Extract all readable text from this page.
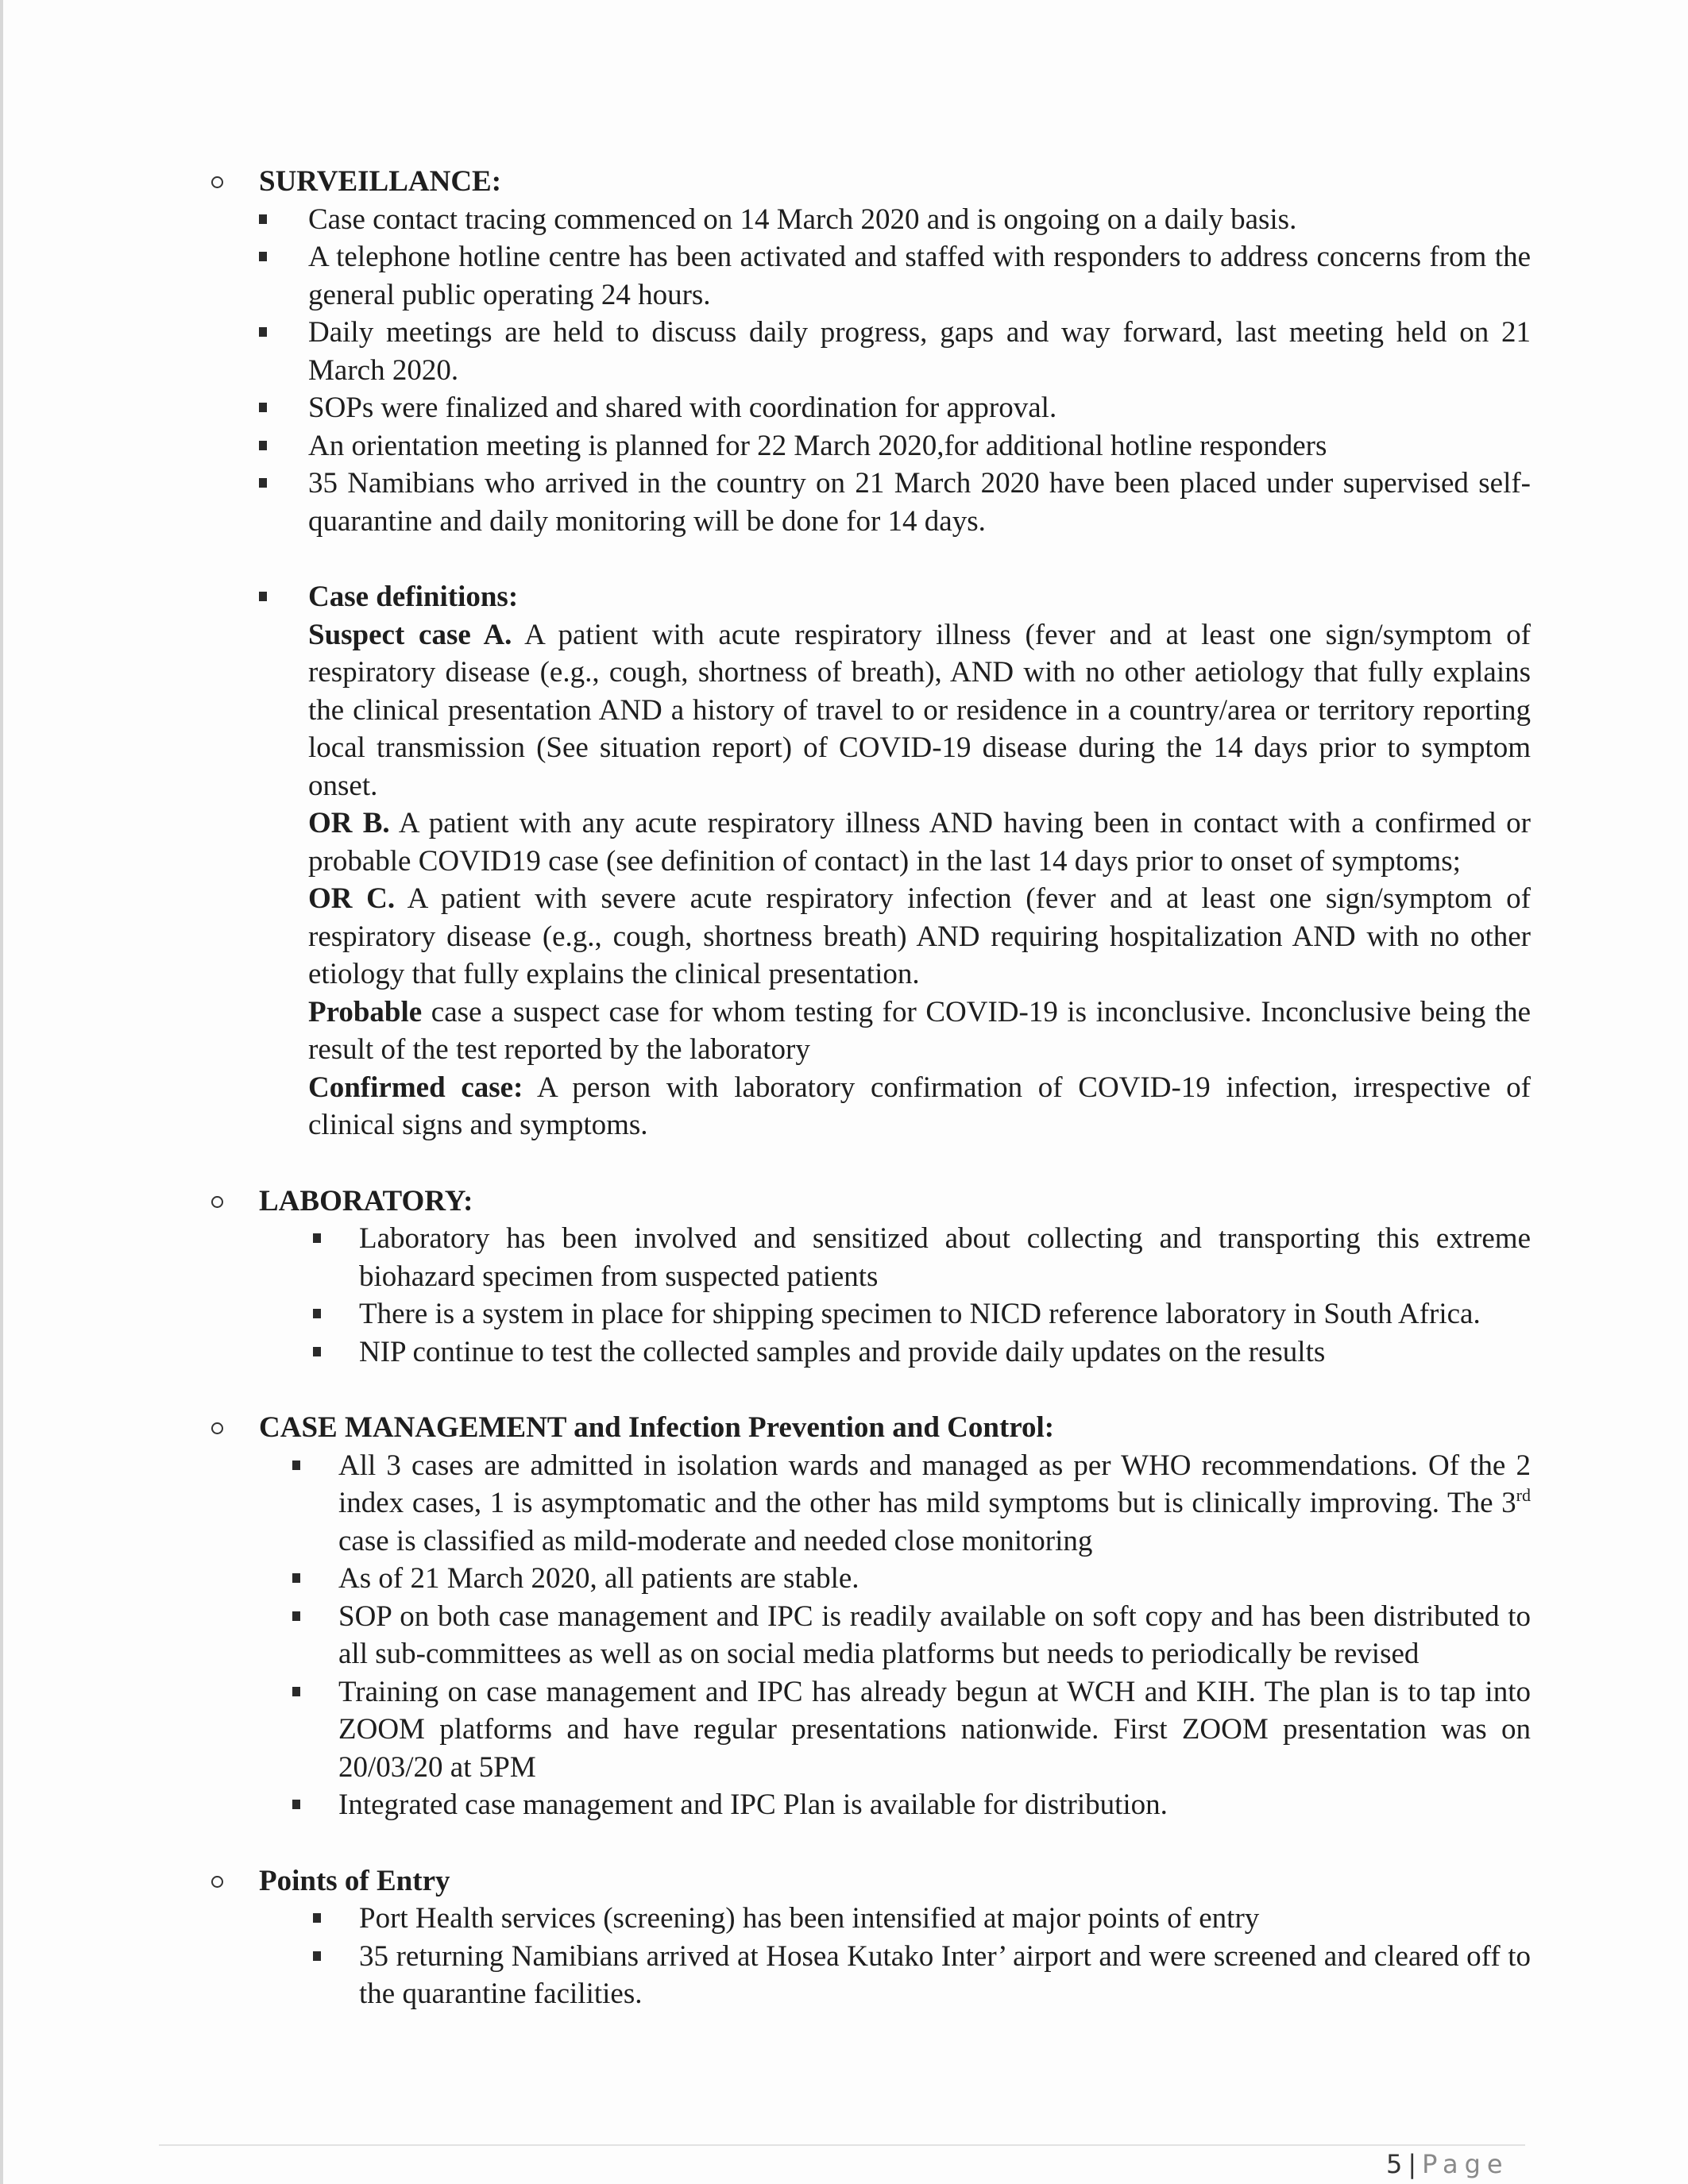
SURVEILLANCE:
Case contact tracing commenced on 14 March 2020 and is ongoing on a daily basis.
A telephone hotline centre has been activated and staffed with responders to address concerns from the general public operating 24 hours.
Daily meetings are held to discuss daily progress, gaps and way forward, last meeting held on 21 March 2020.
SOPs were finalized and shared with coordination for approval.
An orientation meeting is planned for 22 March 2020,for additional hotline responders
35 Namibians who arrived in the country on 21 March 2020 have been placed under supervised self-quarantine and daily monitoring will be done for 14 days.

Case definitions:

Suspect case A. A patient with acute respiratory illness (fever and at least one sign/symptom of respiratory disease (e.g., cough, shortness of breath), AND with no other aetiology that fully explains the clinical presentation AND a history of travel to or residence in a country/area or territory reporting local transmission (See situation report) of COVID-19 disease during the 14 days prior to symptom onset.

OR B. A patient with any acute respiratory illness AND having been in contact with a confirmed or probable COVID19 case (see definition of contact) in the last 14 days prior to onset of symptoms;

OR C. A patient with severe acute respiratory infection (fever and at least one sign/symptom of respiratory disease (e.g., cough, shortness breath) AND requiring hospitalization AND with no other etiology that fully explains the clinical presentation.

Probable case a suspect case for whom testing for COVID-19 is inconclusive. Inconclusive being the result of the test reported by the laboratory

Confirmed case: A person with laboratory confirmation of COVID-19 infection, irrespective of clinical signs and symptoms.

LABORATORY:
Laboratory has been involved and sensitized about collecting and transporting this extreme biohazard specimen from suspected patients
There is a system in place for shipping specimen to NICD reference laboratory in South Africa.
NIP continue to test the collected samples and provide daily updates on the results
CASE MANAGEMENT and Infection Prevention and Control:
All 3 cases are admitted in isolation wards and managed as per WHO recommendations. Of the 2 index cases, 1 is asymptomatic and the other has mild symptoms but is clinically improving. The 3rd case is classified as mild-moderate and needed close monitoring
As of 21 March 2020, all patients are stable.
SOP on both case management and IPC is readily available on soft copy and has been distributed to all sub-committees as well as on social media platforms but needs to periodically be revised
Training on case management and IPC has already begun at WCH and KIH. The plan is to tap into ZOOM platforms and have regular presentations nationwide. First ZOOM presentation was on 20/03/20 at 5PM
Integrated case management and IPC Plan is available for distribution.
Points of Entry
Port Health services (screening) has been intensified at major points of entry
35 returning Namibians arrived at Hosea Kutako Inter’ airport and were screened and cleared off to the quarantine facilities.
5 | Page
